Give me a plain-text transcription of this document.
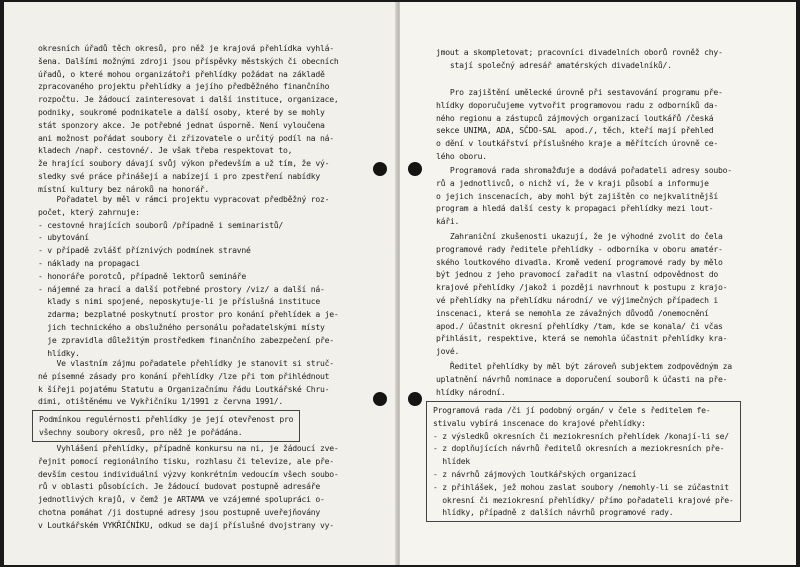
okresních úřadů těch okresů, pro něž je krajová přehlídka vyhlá-
šena. Dalšími možnými zdroji jsou příspěvky městských či obecních
úřadů, o které mohou organizátoři přehlídky požádat na základě
zpracovaného projektu přehlídky a jejího předběžného finančního
rozpočtu. Je žádoucí zainteresovat i další instituce, organizace,
podniky, soukromé podnikatele a další osoby, které by se mohly
stát sponzory akce. Je potřebné jednat úsporně. Není vyloučena
ani možnost pořádat soubory či zřizovatele o určitý podíl na ná-
kladech /např. cestovné/. Je však třeba respektovat to,
že hrající soubory dávají svůj výkon především a už tím, že vý-
sledky své práce přinášejí a nabízejí i pro zpestření nabídky
místní kultury bez nároků na honorář.

Pořadatel by měl v rámci projektu vypracovat předběžný roz-
počet, který zahrnuje:
- cestovné hrajících souborů /případně i seminaristů/
- ubytování
- v případě zvlášť příznivých podmínek stravné
- náklady na propagaci
- honoráře porotců, případně lektorů semináře
- nájemné za hrací a další potřebné prostory /viz/ a další ná-
klady s nimi spojené, neposkytuje-li je příslušná instituce
zdarma; bezplatné poskytnutí prostor pro konání přehlídek a je-
jich technického a obslužného personálu pořadatelskými místy
je zpravidla důležitým prostředkem finančního zabezpečení pře-
hlídky.

Ve vlastním zájmu pořadatele přehlídky je stanovit si struč-
né písemné zásady pro konání přehlídky /lze při tom přihlédnout
k šířeji pojatému Statutu a Organizačnímu řádu Loutkářské Chru-
dimi, otištěnému ve Vykřičníku 1/1991 z června 1991/.

Podmínkou regulérnosti přehlídky je její otevřenost pro
všechny soubory okresů, pro něž je pořádána.

Vyhlášení přehlídky, případně konkursu na ni, je žádoucí zve-
řejnit pomocí regionálního tisku, rozhlasu či televize, ale pře-
devším cestou individuální výzvy konkrétním vedoucím všech soubo-
rů v oblasti působících. Je žádoucí budovat postupně adresáře
jednotlivých krajů, v čemž je ARTAMA ve vzájemné spolupráci o-
chotna pomáhat /ji dostupné adresy jsou postupně uveřejňovány
v Loutkářském VYKŘIČNÍKU, odkud se dají příslušné dvojstrany vy-

jmout a skompletovat; pracovníci divadelních oborů rovněž chy-
stají společný adresář amatérských divadelníků/.

Pro zajištění umělecké úrovně při sestavování programu pře-
hlídky doporučujeme vytvořit programovou radu z odborníků da-
ného regionu a zástupců zájmových organizací loutkářů /česká
sekce UNIMA, ADA, SČDO-SAL  apod./, těch, kteří mají přehled
o dění v loutkářství příslušného kraje a měřítcích úrovně ce-
lého oboru.

Programová rada shromažďuje a dodává pořadateli adresy soubo-
rů a jednotlivců, o nichž ví, že v kraji působí a informuje
o jejich inscenacích, aby mohl být zajištěn co nejkvalitnější
program a hledá další cesty k propagaci přehlídky mezi lout-
káři.

Zahraniční zkušenosti ukazují, že je výhodné zvolit do čela
programové rady ředitele přehlídky - odborníka v oboru amatér-
ského loutkového divadla. Kromě vedení programové rady by mělo
být jednou z jeho pravomocí zařadit na vlastní odpovědnost do
krajové přehlídky /jakož i později navrhnout k postupu z krajo-
vé přehlídky na přehlídku národní/ ve výjimečných případech i
inscenaci, která se nemohla ze závažných důvodů /onemocnění
apod./ účastnit okresní přehlídky /tam, kde se konala/ či včas
přihlásit, respektive, která se nemohla účastnit přehlídky kra-
jové.

Ředitel přehlídky by měl být zároveň subjektem zodpovědným za
uplatnění návrhů nominace a doporučení souborů k účasti na pře-
hlídky národní.

Programová rada /či jí podobný orgán/ v čele s ředitelem fe-
stivalu vybírá inscenace do krajové přehlídky:
- z výsledků okresních či meziokresních přehlídek /konají-li se/
- z doplňujících návrhů ředitelů okresních a meziokresních pře-
hlídek
- z návrhů zájmových loutkářských organizací
- z přihlášek, jež mohou zaslat soubory /nemohly-li se zúčastnit
okresní či meziokresní přehlídky/ přímo pořadateli krajové pře-
hlídky, případně z dalších návrhů programové rady.
